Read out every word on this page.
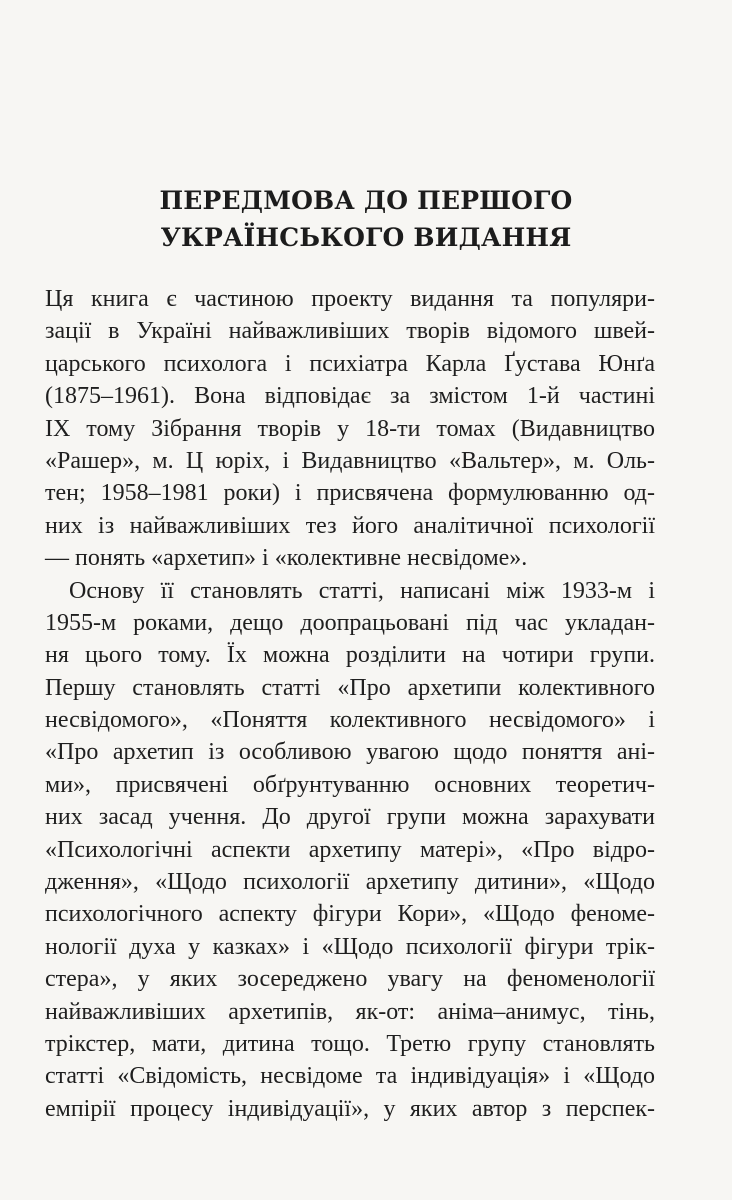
ПЕРЕДМОВА ДО ПЕРШОГО
УКРАЇНСЬКОГО ВИДАННЯ
Ця книга є частиною проекту видання та популяри-
зації в Україні найважливіших творів відомого швей-
царського психолога і психіатра Карла Ґустава Юнґа
(1875–1961). Вона відповідає за змістом 1-й частині
IX тому Зібрання творів у 18-ти томах (Видавництво
«Рашер», м. Ц юріх, і Видавництво «Вальтер», м. Оль-
тен; 1958–1981 роки) і присвячена формулюванню од-
них із найважливіших тез його аналітичної психології
— понять «архетип» і «колективне несвідоме».
Основу її становлять статті, написані між 1933-м і
1955-м роками, дещо доопрацьовані під час укладан-
ня цього тому. Їх можна розділити на чотири групи.
Першу становлять статті «Про архетипи колективного
несвідомого», «Поняття колективного несвідомого» і
«Про архетип із особливою увагою щодо поняття ані-
ми», присвячені обґрунтуванню основних теоретич-
них засад учення. До другої групи можна зарахувати
«Психологічні аспекти архетипу матері», «Про відро-
дження», «Щодо психології архетипу дитини», «Щодо
психологічного аспекту фігури Кори», «Щодо феноме-
нології духа у казках» і «Щодо психології фігури трік-
стера», у яких зосереджено увагу на феноменології
найважливіших архетипів, як-от: аніма–анимус, тінь,
трікстер, мати, дитина тощо. Третю групу становлять
статті «Свідомість, несвідоме та індивідуація» і «Щодо
емпірії процесу індивідуації», у яких автор з перспек-
